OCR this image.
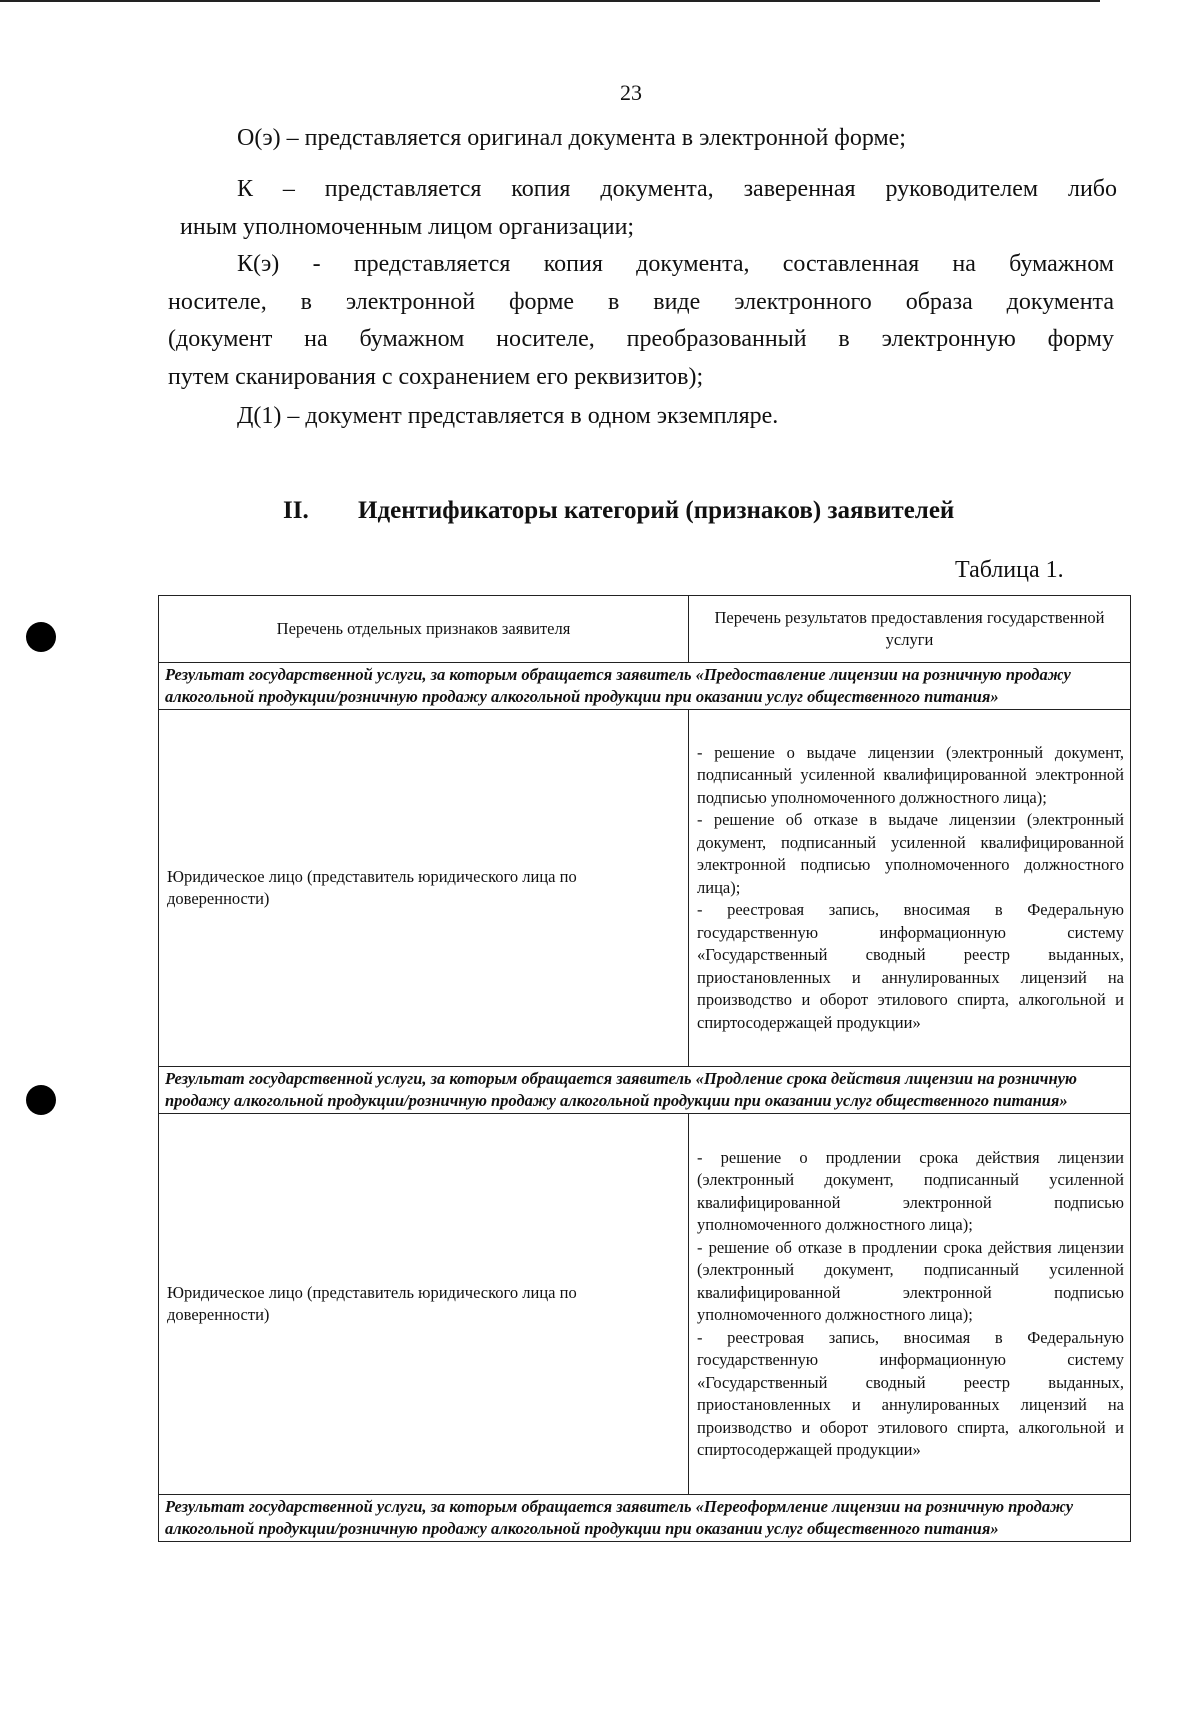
23

О(э) – представляется оригинал документа в электронной форме;

К – представляется копия документа, заверенная руководителем либо

иным уполномоченным лицом организации;

К(э) - представляется копия документа, составленная на бумажном

носителе, в электронной форме в виде электронного образа документа

(документ на бумажном носителе, преобразованный в электронную форму

путем сканирования с сохранением его реквизитов);

Д(1) – документ представляется в одном экземпляре.

II. Идентификаторы категорий (признаков) заявителей
Таблица 1.
Перечень отдельных признаков заявителя	Перечень результатов предоставления государственной услуги
Результат государственной услуги, за которым обращается заявитель «Предоставление лицензии на розничную продажу алкогольной продукции/розничную продажу алкогольной продукции при оказании услуг общественного питания»	
Юридическое лицо (представитель юридического лица по доверенности)	- решение о выдаче лицензии (электронный документ, подписанный усиленной квалифицированной электронной подписью уполномоченного должностного лица);

- решение об отказе в выдаче лицензии (электронный документ, подписанный усиленной квалифицированной электронной подписью уполномоченного должностного лица);

- реестровая запись, вносимая в Федеральную государственную информационную систему «Государственный сводный реестр выданных, приостановленных и аннулированных лицензий на производство и оборот этилового спирта, алкогольной и спиртосодержащей продукции»

Результат государственной услуги, за которым обращается заявитель «Продление срока действия лицензии на розничную продажу алкогольной продукции/розничную продажу алкогольной продукции при оказании услуг общественного питания»	
Юридическое лицо (представитель юридического лица по доверенности)	- решение о продлении срока действия лицензии (электронный документ, подписанный усиленной квалифицированной электронной подписью уполномоченного должностного лица);

- решение об отказе в продлении срока действия лицензии (электронный документ, подписанный усиленной квалифицированной электронной подписью уполномоченного должностного лица);

- реестровая запись, вносимая в Федеральную государственную информационную систему «Государственный сводный реестр выданных, приостановленных и аннулированных лицензий на производство и оборот этилового спирта, алкогольной и спиртосодержащей продукции»

Результат государственной услуги, за которым обращается заявитель «Переоформление лицензии на розничную продажу алкогольной продукции/розничную продажу алкогольной продукции при оказании услуг общественного питания»	
